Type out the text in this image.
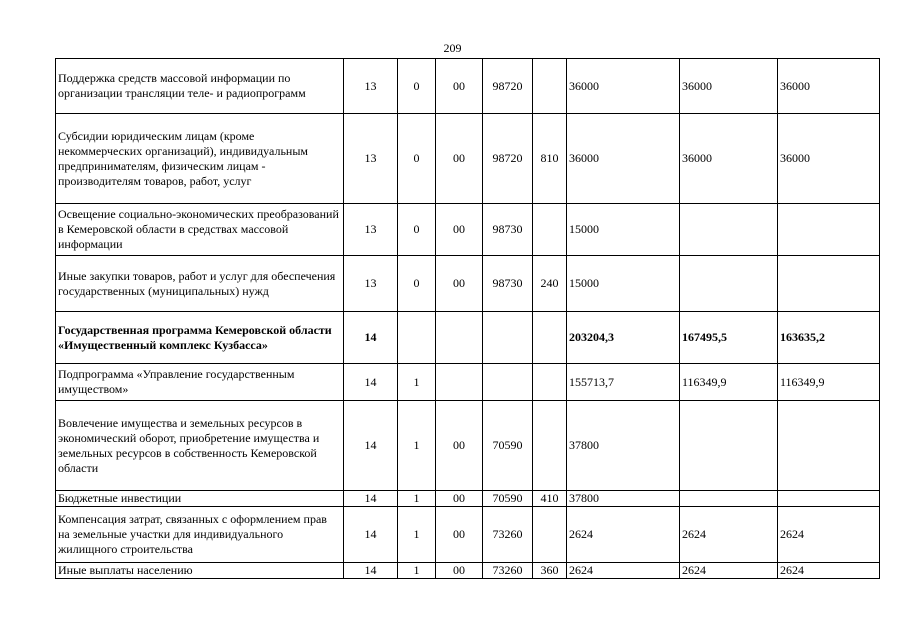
209
Поддержка средств массовой информации по организации трансляции теле- и радиопрограмм	13	0	00	98720		36000	36000	36000
Субсидии юридическим лицам (кроме некоммерческих организаций), индивидуальным предпринимателям, физическим лицам - производителям товаров, работ, услуг	13	0	00	98720	810	36000	36000	36000
Освещение социально-экономических преобразований в Кемеровской области в средствах массовой информации	13	0	00	98730		15000		
Иные закупки товаров, работ и услуг для обеспечения государственных (муниципальных) нужд	13	0	00	98730	240	15000		
Государственная программа Кемеровской области «Имущественный комплекс Кузбасса»	14					203204,3	167495,5	163635,2
Подпрограмма «Управление государственным имуществом»	14	1				155713,7	116349,9	116349,9
Вовлечение имущества и земельных ресурсов в экономический оборот, приобретение имущества и земельных ресурсов в собственность Кемеровской области	14	1	00	70590		37800		
Бюджетные инвестиции	14	1	00	70590	410	37800		
Компенсация затрат, связанных с оформлением прав на земельные участки для индивидуального жилищного строительства	14	1	00	73260		2624	2624	2624
Иные выплаты населению	14	1	00	73260	360	2624	2624	2624
